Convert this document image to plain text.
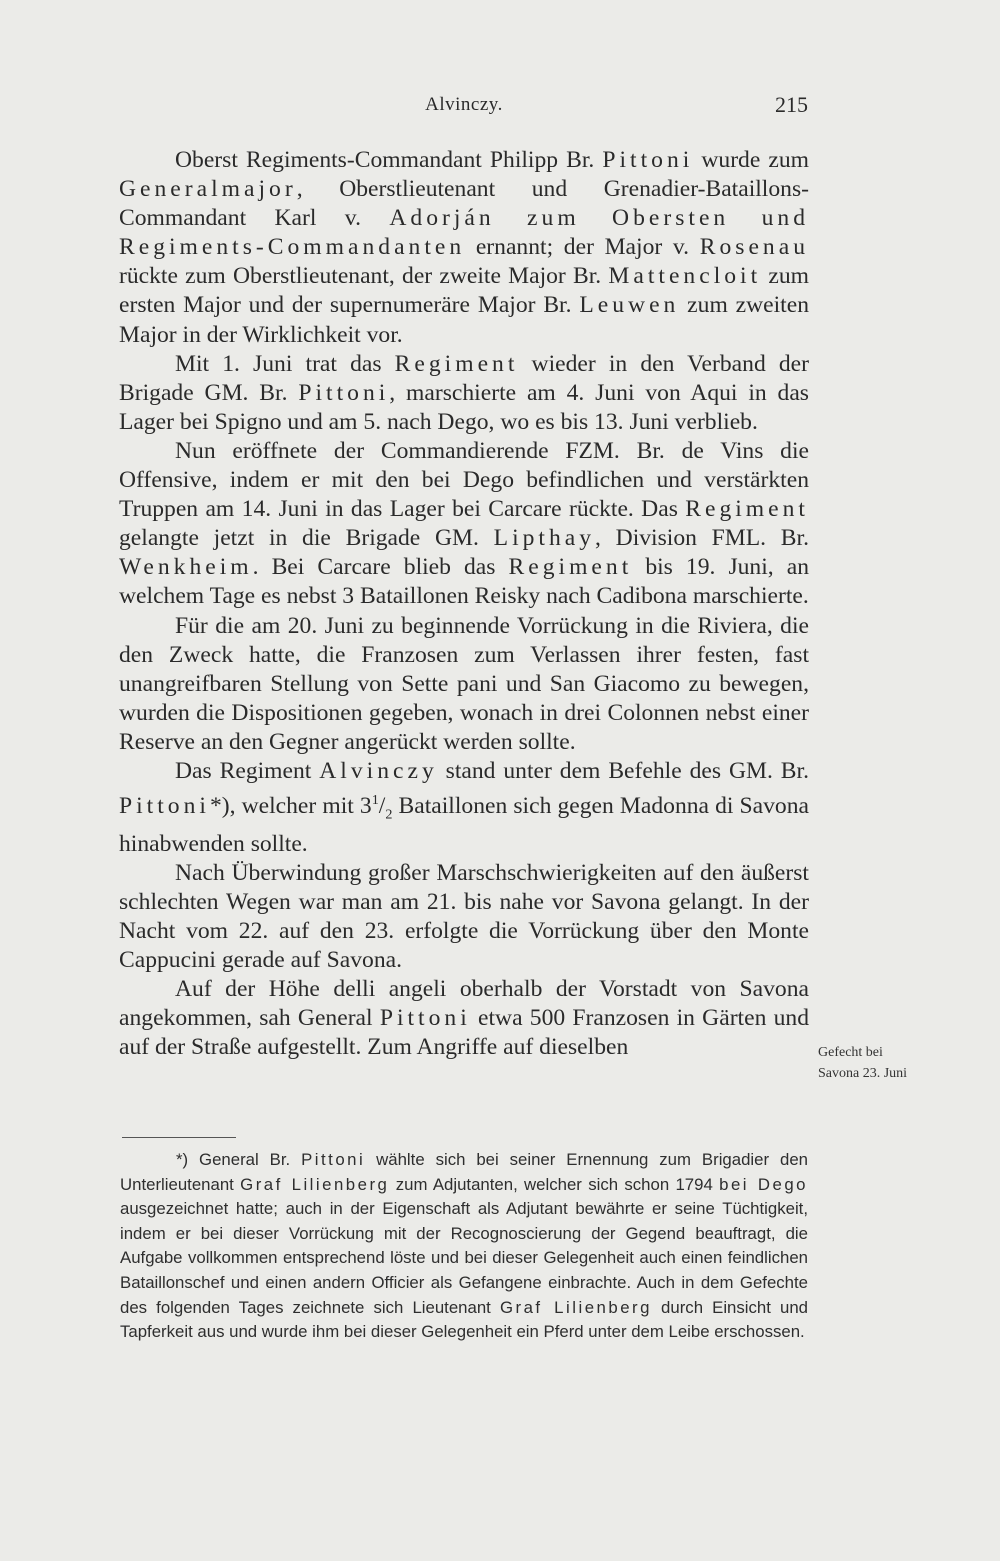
Alvinczy.	215

Oberst Regiments-Commandant Philipp Br. Pittoni wurde zum Generalmajor, Oberstlieutenant und Grenadier-Bataillons-Commandant Karl v. Adorján zum Obersten und Regiments-Commandanten ernannt; der Major v. Rosenau rückte zum Oberstlieutenant, der zweite Major Br. Mattencloit zum ersten Major und der supernumeräre Major Br. Leuwen zum zweiten Major in der Wirklichkeit vor.

Mit 1. Juni trat das Regiment wieder in den Verband der Brigade GM. Br. Pittoni, marschierte am 4. Juni von Aqui in das Lager bei Spigno und am 5. nach Dego, wo es bis 13. Juni verblieb.

Nun eröffnete der Commandierende FZM. Br. de Vins die Offensive, indem er mit den bei Dego befindlichen und verstärkten Truppen am 14. Juni in das Lager bei Carcare rückte. Das Regiment gelangte jetzt in die Brigade GM. Lipthay, Division FML. Br. Wenkheim. Bei Carcare blieb das Regiment bis 19. Juni, an welchem Tage es nebst 3 Bataillonen Reisky nach Cadibona marschierte.

Für die am 20. Juni zu beginnende Vorrückung in die Riviera, die den Zweck hatte, die Franzosen zum Verlassen ihrer festen, fast unangreifbaren Stellung von Sette pani und San Giacomo zu bewegen, wurden die Dispositionen gegeben, wonach in drei Colonnen nebst einer Reserve an den Gegner angerückt werden sollte.

Das Regiment Alvinczy stand unter dem Befehle des GM. Br. Pittoni*), welcher mit $3^1/_2$ Bataillonen sich gegen Madonna di Savona hinabwenden sollte.

Nach Überwindung großer Marschschwierigkeiten auf den äußerst schlechten Wegen war man am 21. bis nahe vor Savona gelangt. In der Nacht vom 22. auf den 23. erfolgte die Vorrückung über den Monte Cappucini gerade auf Savona.

Auf der Höhe delli angeli oberhalb der Vorstadt von Savona angekommen, sah General Pittoni etwa 500 Franzosen in Gärten und auf der Straße aufgestellt. Zum Angriffe auf dieselben	Gefecht bei
Savona 23. Juni

*) General Br. Pittoni wählte sich bei seiner Ernennung zum Brigadier den Unterlieutenant Graf Lilienberg zum Adjutanten, welcher sich schon 1794 bei Dego ausgezeichnet hatte; auch in der Eigenschaft als Adjutant bewährte er seine Tüchtigkeit, indem er bei dieser Vorrückung mit der Recognoscierung der Gegend beauftragt, die Aufgabe vollkommen entsprechend löste und bei dieser Gelegenheit auch einen feindlichen Bataillonschef und einen andern Officier als Gefangene einbrachte. Auch in dem Gefechte des folgenden Tages zeichnete sich Lieutenant Graf Lilienberg durch Einsicht und Tapferkeit aus und wurde ihm bei dieser Gelegenheit ein Pferd unter dem Leibe erschossen.
